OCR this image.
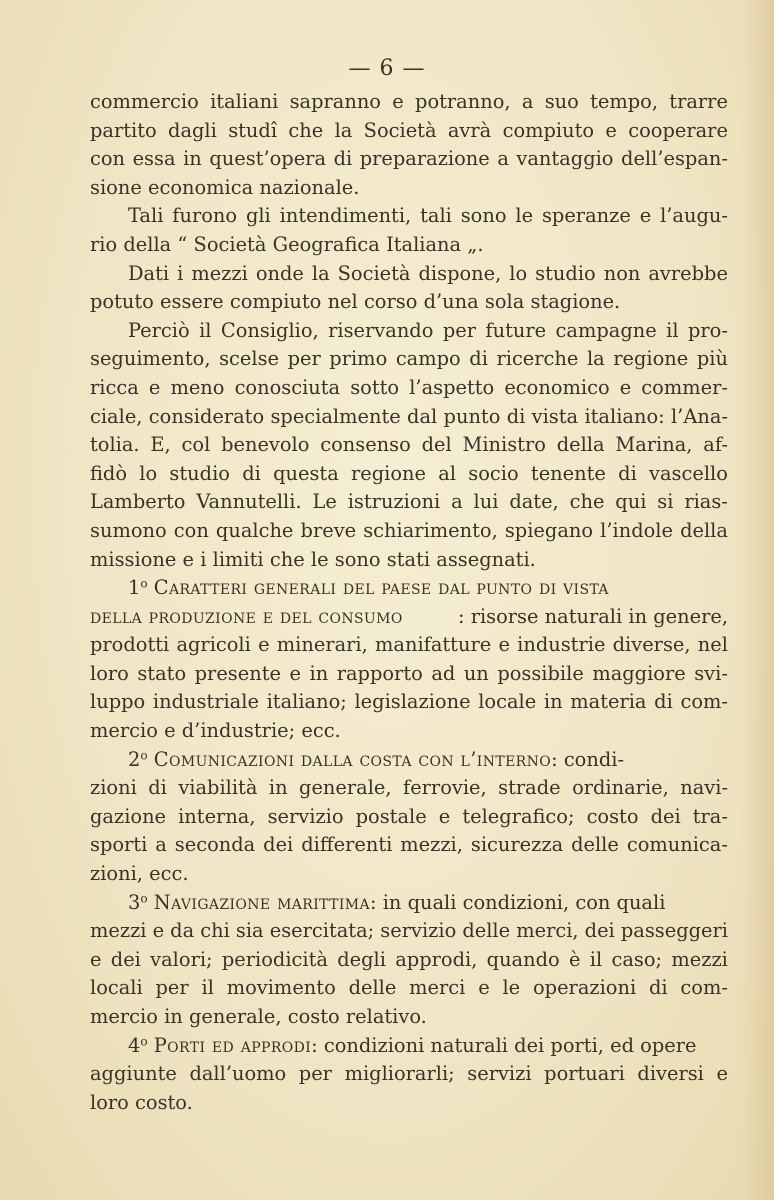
— 6 —
commercio italiani sapranno e potranno, a suo tempo, trarre
partito dagli studî che la Società avrà compiuto e cooperare
con essa in quest’opera di preparazione a vantaggio dell’espan-
sione economica nazionale.
Tali furono gli intendimenti, tali sono le speranze e l’augu-
rio della “ Società Geografica Italiana „.
Dati i mezzi onde la Società dispone, lo studio non avrebbe
potuto essere compiuto nel corso d’una sola stagione.
Perciò il Consiglio, riservando per future campagne il pro-
seguimento, scelse per primo campo di ricerche la regione più
ricca e meno conosciuta sotto l’aspetto economico e commer-
ciale, considerato specialmente dal punto di vista italiano: l’Ana-
tolia. E, col benevolo consenso del Ministro della Marina, af-
fidò lo studio di questa regione al socio tenente di vascello
Lamberto Vannutelli. Le istruzioni a lui date, che qui si rias-
sumono con qualche breve schiarimento, spiegano l’indole della
missione e i limiti che le sono stati assegnati.
1$^o$ Caratteri generali del paese dal punto di vista
della produzione e del consumo	: risorse naturali in genere,
prodotti agricoli e minerari, manifatture e industrie diverse, nel
loro stato presente e in rapporto ad un possibile maggiore svi-
luppo industriale italiano; legislazione locale in materia di com-
mercio e d’industrie; ecc.
2$^o$ Comunicazioni dalla costa con l’interno: condi-
zioni di viabilità in generale, ferrovie, strade ordinarie, navi-
gazione interna, servizio postale e telegrafico; costo dei tra-
sporti a seconda dei differenti mezzi, sicurezza delle comunica-
zioni, ecc.
3$^o$ Navigazione marittima: in quali condizioni, con quali
mezzi e da chi sia esercitata; servizio delle merci, dei passeggeri
e dei valori; periodicità degli approdi, quando è il caso; mezzi
locali per il movimento delle merci e le operazioni di com-
mercio in generale, costo relativo.
4$^o$ Porti ed approdi: condizioni naturali dei porti, ed opere
aggiunte dall’uomo per migliorarli; servizi portuari diversi e
loro costo.
